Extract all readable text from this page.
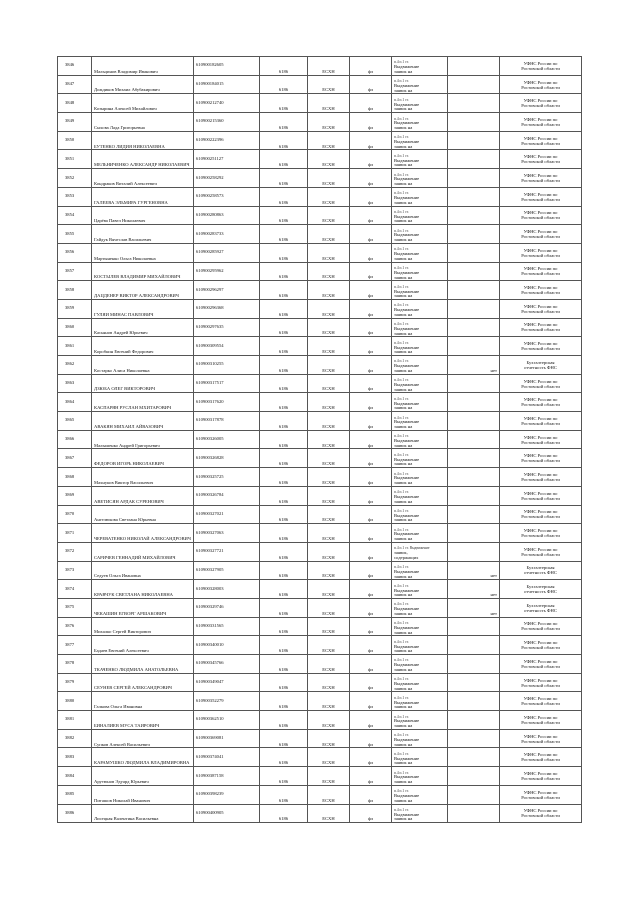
3846	Мальцинов Владимир Иванович	610900182605	6186	ЕСХН	фл	п.4 п.1 ст.
Выдвижение
заявок на		УФНС России по
Ростовской области
3847	Дождиков Михаил Абубакирович	610900184015	6186	ЕСХН	фл	п.4 п.1 ст.
Выдвижение
заявок на		УФНС России по
Ростовской области
3848	Козырина Алексей Михайлович	610900212740	6186	ЕСХН	фл	п.4 п.1 ст.
Выдвижение
заявок на		УФНС России по
Ростовской области
3849	Сыхова Лада Григорьевна	610900215360	6186	ЕСХН	фл	п.4 п.1 ст.
Выдвижение
заявок на		УФНС России по
Ростовской области
3850	БУТЕНКО ЛИДИЯ НИКОЛАЕВНА	610900222396	6186	ЕСХН	фл	п.4 п.1 ст.
Выдвижение
заявок на		УФНС России по
Ростовской области
3851	МЕЛЬНИЧЕНКО АЛЕКСАНДР НИКОЛАЕВИЧ	610900251127	6186	ЕСХН	фл	п.4 п.1 ст.
Выдвижение
заявок на		УФНС России по
Ростовской области
3852	Кондраков Виталий Алексеевич	610900258292	6186	ЕСХН	фл	п.4 п.1 ст.
Выдвижение
заявок на		УФНС России по
Ростовской области
3853	ГАЛЕЕВА ЭЛЬМИРА ГУРГЕНОВНА	610900258573	6186	ЕСХН	фл	п.4 п.1 ст.
Выдвижение
заявок на		УФНС России по
Ростовской области
3854	Царёва Павел Николаевич	610900280863	6186	ЕСХН	фл	п.4 п.1 ст.
Выдвижение
заявок на		УФНС России по
Ростовской области
3855	Гайдук Вячеслав Васильевич	610900283733	6186	ЕСХН	фл	п.4 п.1 ст.
Выдвижение
заявок на		УФНС России по
Ростовской области
3856	Мартыненко Ольга Николаевна	610900285927	6186	ЕСХН	фл	п.4 п.1 ст.
Выдвижение
заявок на		УФНС России по
Ростовской области
3857	КОСТЫЛЕВ ВЛАДИМИР МИХАЙЛОВИЧ	610900295962	6186	ЕСХН	фл	п.4 п.1 ст.
Выдвижение
заявок на		УФНС России по
Ростовской области
3858	ДАЦДЕНЕР ВИКТОР АЛЕКСАНДРОВИЧ	610900296297	6186	ЕСХН	фл	п.4 п.1 ст.
Выдвижение
заявок на		УФНС России по
Ростовской области
3859	ГУЛЯИ МИНАС ПАВЛОВИЧ	610900296368	6186	ЕСХН	фл	п.4 п.1 ст.
Выдвижение
заявок на		УФНС России по
Ростовской области
3860	Касьянов Андрей Юрьевич	610900297635	6186	ЕСХН	фл	п.4 п.1 ст.
Выдвижение
заявок на		УФНС России по
Ростовской области
3861	Коробкин Евгений Федорович	610900309554	6186	ЕСХН	фл	п.4 п.1 ст.
Выдвижение
заявок на		УФНС России по
Ростовской области
3862	Костарко Алиса Николаевна	610900310255	6186	ЕСХН	фл	п.4 п.1 ст.
Выдвижение
заявок на	нет	Бухгалтерская
отчетность ФНС
3863	ДЗЮБА ОЛЕГ ВИКТОРОВИЧ	610900317517	6186	ЕСХН	фл	п.4 п.1 ст.
Выдвижение
заявок на		УФНС России по
Ростовской области
3864	КАСПАРЯН РУСЛАН МХИТАРОВИЧ	610900317620	6186	ЕСХН	фл	п.4 п.1 ст.
Выдвижение
заявок на		УФНС России по
Ростовской области
3865	АВАКЯН МИХАИЛ АЙВАЗОВИЧ	610900317878	6186	ЕСХН	фл	п.4 п.1 ст.
Выдвижение
заявок на		УФНС России по
Ростовской области
3866	Малышенко Андрей Григорьевич	610900326005	6186	ЕСХН	фл	п.4 п.1 ст.
Выдвижение
заявок на		УФНС России по
Ростовской области
3867	ФЕДОРОВ ИГОРЬ НИКОЛАЕВИЧ	610900326828	6186	ЕСХН	фл	п.4 п.1 ст.
Выдвижение
заявок на		УФНС России по
Ростовской области
3868	Махнуков Виктор Васильевич	610900325725	6186	ЕСХН	фл	п.4 п.1 ст.
Выдвижение
заявок на		УФНС России по
Ростовской области
3869	АВЕТИСЯН АРДАК СУРЕНОВИЧ	610900326784	6186	ЕСХН	фл	п.4 п.1 ст.
Выдвижение
заявок на		УФНС России по
Ростовской области
3870	Ангелюкова Светлана Юрьевна	610900327021	6186	ЕСХН	фл	п.4 п.1 ст.
Выдвижение
заявок на		УФНС России по
Ростовской области
3871	ЧЕРЕВАТЕНКО НИКОЛАЙ АЛЕКСАНДРОВИЧ	610900327063	6186	ЕСХН	фл	п.4 п.1 ст.
Выдвижение
заявок на		УФНС России по
Ростовской области
3872	САРИЧЕВ ГЕННАДИЙ МИХАЙЛОВИЧ	610900327721	6186	ЕСХН	фл	п.4 п.1 ст. Выдвижение
заявок,
содержащих		УФНС России по
Ростовской области
3873	Седуев Ольга Ивановна	610900327905	6186	ЕСХН	фл	п.4 п.1 ст.
Выдвижение
заявок на	нет	Бухгалтерская
отчетность ФНС
3874	КРАВЧУК СВЕТЛАНА НИКОЛАЕВНА	610900328003	6186	ЕСХН	фл	п.4 п.1 ст.
Выдвижение
заявок на	нет	Бухгалтерская
отчетность ФНС
3875	ЧЕКАШИН ЕГВОРГ АРШАКОВИЧ	610900329746	6186	ЕСХН	фл	п.4 п.1 ст.
Выдвижение
заявок на	нет	Бухгалтерская
отчетность ФНС
3876	Михалко Сергей Викторович	610900331565	6186	ЕСХН	фл	п.4 п.1 ст.
Выдвижение
заявок на		УФНС России по
Ростовской области
3877	Бадаев Евгений Алексеевич	610900340010	6186	ЕСХН	фл	п.4 п.1 ст.
Выдвижение
заявок на		УФНС России по
Ростовской области
3878	ТКАЧЕНКО ЛЮДМИЛА АНАТОЛЬЕВНА	610900345766	6186	ЕСХН	фл	п.4 п.1 ст.
Выдвижение
заявок на		УФНС России по
Ростовской области
3879	СЕУНЕВ СЕРГЕЙ АЛЕКСАНДРОВИЧ	610900349047	6186	ЕСХН	фл	п.4 п.1 ст.
Выдвижение
заявок на		УФНС России по
Ростовской области
3880	Галкова Ольга Ивановна	610900352279	6186	ЕСХН	фл	п.4 п.1 ст.
Выдвижение
заявок на		УФНС России по
Ростовской области
3881	БИНАЛИЕВ МУСА ТАИРОВИЧ	610900362510	6186	ЕСХН	фл	п.4 п.1 ст.
Выдвижение
заявок на		УФНС России по
Ростовской области
3882	Супков Алексей Васильевич	610900369081	6186	ЕСХН	фл	п.4 п.1 ст.
Выдвижение
заявок на		УФНС России по
Ростовской области
3883	КАРАМУШКО ЛЮДМИЛА ВЛАДИМИРОВНА	610900374041	6186	ЕСХН	фл	п.4 п.1 ст.
Выдвижение
заявок на		УФНС России по
Ростовской области
3884	Арутюнов Эдуард Юрьевич	610900387158	6186	ЕСХН	фл	п.4 п.1 ст.
Выдвижение
заявок на		УФНС России по
Ростовской области
3885	Питашов Николай Иванович	610900398239	6186	ЕСХН	фл	п.4 п.1 ст.
Выдвижение
заявок на		УФНС России по
Ростовской области
3886	Лисецкая Валентина Васильевна	610900400905	6186	ЕСХН	фл	п.4 п.1 ст.
Выдвижение
заявок на		УФНС России по
Ростовской области
